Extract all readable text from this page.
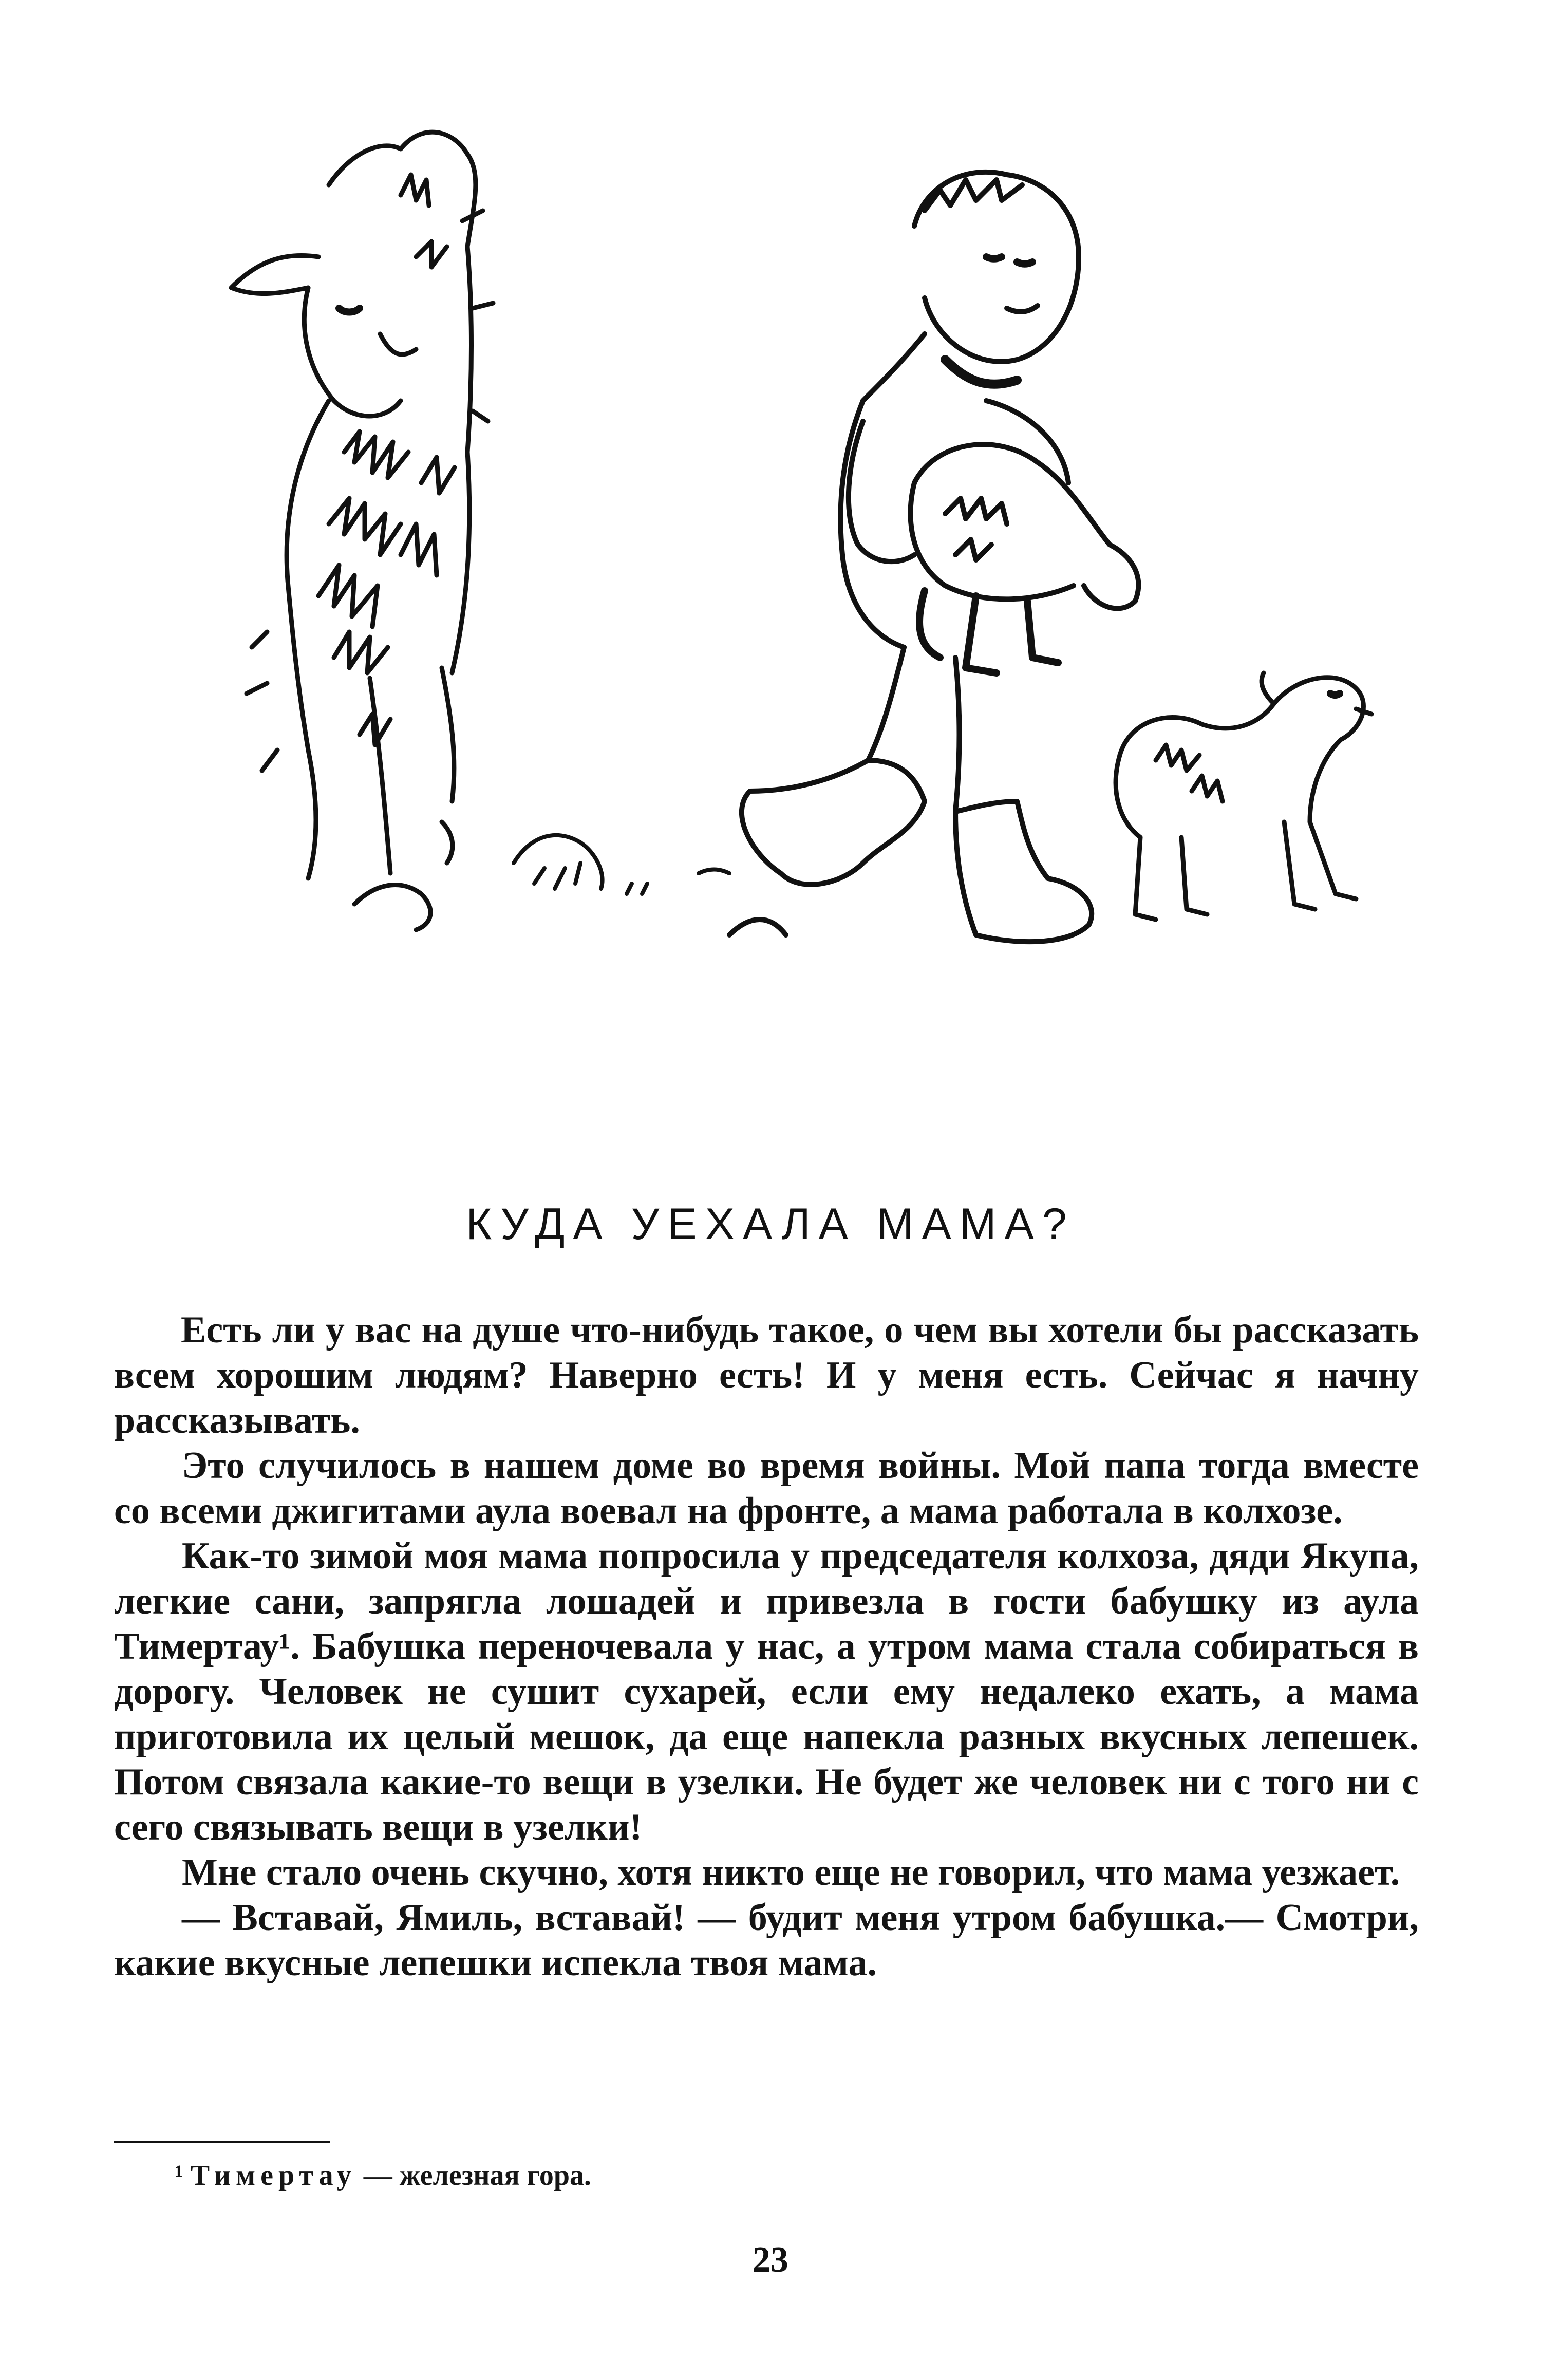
КУДА УЕХАЛА МАМА?

Есть ли у вас на душе что-нибудь такое, о чем вы хотели бы рассказать всем хорошим людям? Наверно есть! И у меня есть. Сейчас я начну рассказывать.

Это случилось в нашем доме во время войны. Мой папа тогда вместе со всеми джигитами аула воевал на фронте, а мама работала в колхозе.

Как-то зимой моя мама попросила у председателя колхоза, дяди Якупа, легкие сани, запрягла лошадей и привезла в гости бабушку из аула Тимертау¹. Бабушка переночевала у нас, а утром мама стала собираться в дорогу. Человек не сушит сухарей, если ему недалеко ехать, а мама приготовила их целый мешок, да еще напекла разных вкусных лепешек. Потом связала какие-то вещи в узелки. Не будет же человек ни с того ни с сего связывать вещи в узелки!

Мне стало очень скучно, хотя никто еще не говорил, что мама уезжает.

— Вставай, Ямиль, вставай! — будит меня утром бабушка.— Смотри, какие вкусные лепешки испекла твоя мама.

¹ Тимертау — железная гора.
23
